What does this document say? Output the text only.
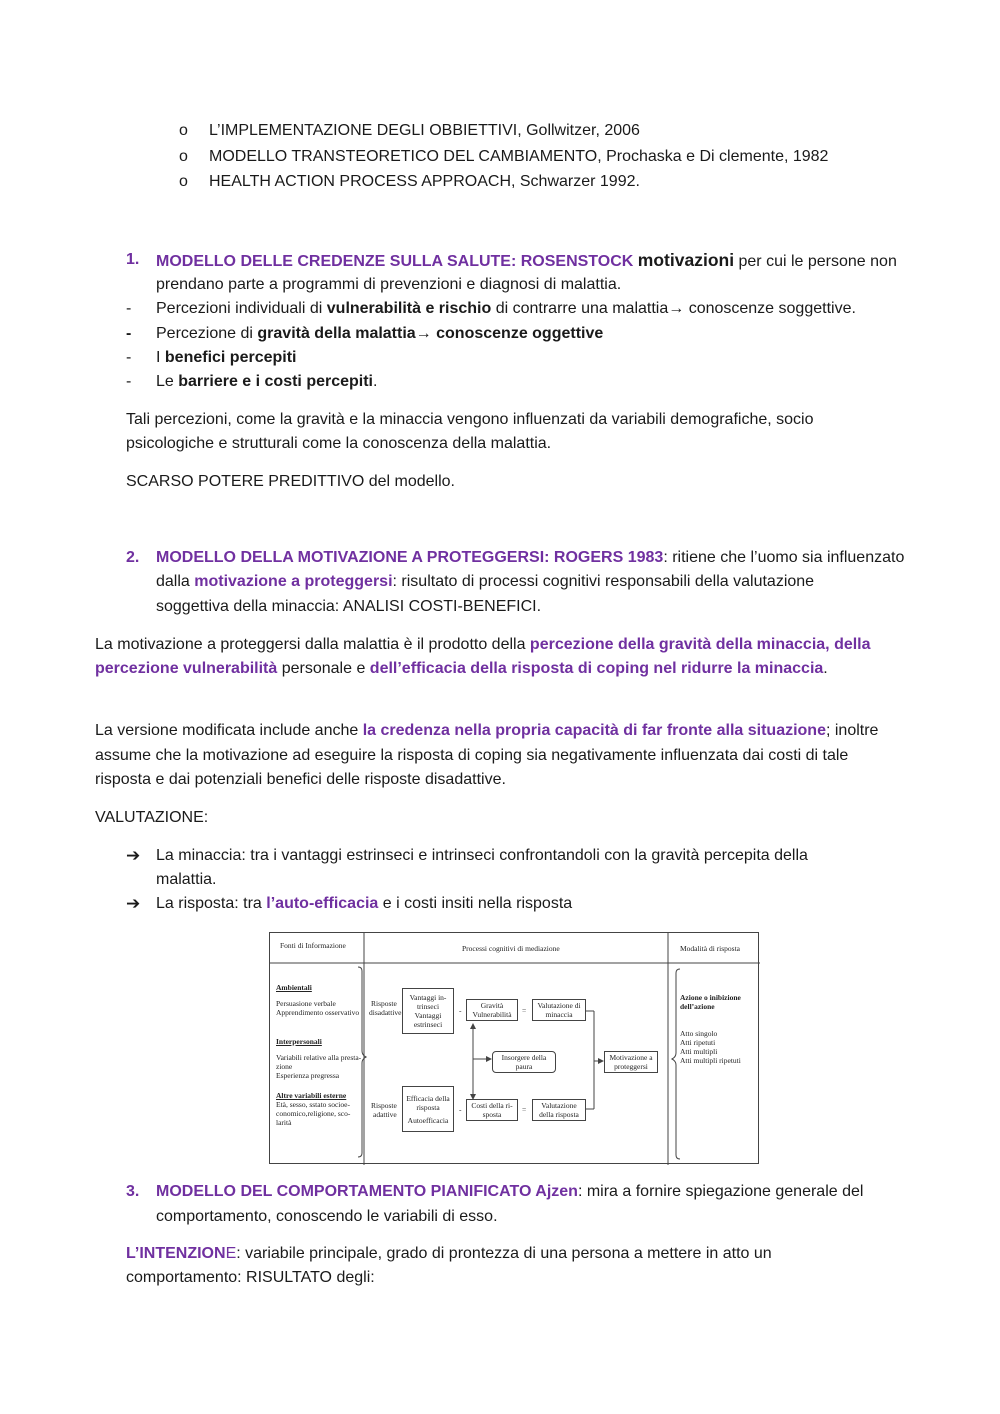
o L’IMPLEMENTAZIONE DEGLI OBBIETTIVI, Gollwitzer, 2006
o MODELLO TRANSTEORETICO DEL CAMBIAMENTO, Prochaska e Di clemente, 1982
o HEALTH ACTION PROCESS APPROACH, Schwarzer 1992.
1. MODELLO DELLE CREDENZE SULLA SALUTE: ROSENSTOCK motivazioni per cui le persone non
prendano parte a programmi di prevenzioni e diagnosi di malattia.
- Percezioni individuali di vulnerabilità e rischio di contrarre una malattia→ conoscenze soggettive.
- Percezione di gravità della malattia→ conoscenze oggettive
- I benefici percepiti
- Le barriere e i costi percepiti.
Tali percezioni, come la gravità e la minaccia vengono influenzati da variabili demografiche, socio
psicologiche e strutturali come la conoscenza della malattia.
SCARSO POTERE PREDITTIVO del modello.
2. MODELLO DELLA MOTIVAZIONE A PROTEGGERSI: ROGERS 1983: ritiene che l’uomo sia influenzato
dalla motivazione a proteggersi: risultato di processi cognitivi responsabili della valutazione
soggettiva della minaccia: ANALISI COSTI-BENEFICI.
La motivazione a proteggersi dalla malattia è il prodotto della percezione della gravità della minaccia, della
percezione vulnerabilità personale e dell’efficacia della risposta di coping nel ridurre la minaccia.
La versione modificata include anche la credenza nella propria capacità di far fronte alla situazione; inoltre
assume che la motivazione ad eseguire la risposta di coping sia negativamente influenzata dai costi di tale
risposta e dai potenziali benefici delle risposte disadattive.
VALUTAZIONE:
➔ La minaccia: tra i vantaggi estrinseci e intrinseci confrontandoli con la gravità percepita della
malattia.
➔ La risposta: tra l’auto-efficacia e i costi insiti nella risposta
Fonti di Informazione	Processi cognitivi di mediazione	Modalità di risposta
Ambientali
Persuasione verbale
Apprendimento osservativo
Interpersonali
Variabili relative alla presta-
zione
Esperienza pregressa
Altre variabili esterne
Età, sesso, sstato socioe-
conomico,religione, sco-
larità
Risposte
disadattive
Risposte
adattive
Vantaggi in-
trinseci
Vantaggi
estrinseci
-
Gravità
Vulnerabilità =
Valutazione di
minaccia
Insorgere della
paura
Motivazione a
proteggersi
Efficacia della
risposta
Autoefficacia
- Costi della ri-
sposta
= Valutazione
della risposta
Azione o inibizione
dell’azione
Atto singolo
Atti ripetuti
Atti multipli
Atti multipli ripetuti
3. MODELLO DEL COMPORTAMENTO PIANIFICATO Ajzen: mira a fornire spiegazione generale del
comportamento, conoscendo le variabili di esso.
L’INTENZIONE: variabile principale, grado di prontezza di una persona a mettere in atto un
comportamento: RISULTATO degli:
